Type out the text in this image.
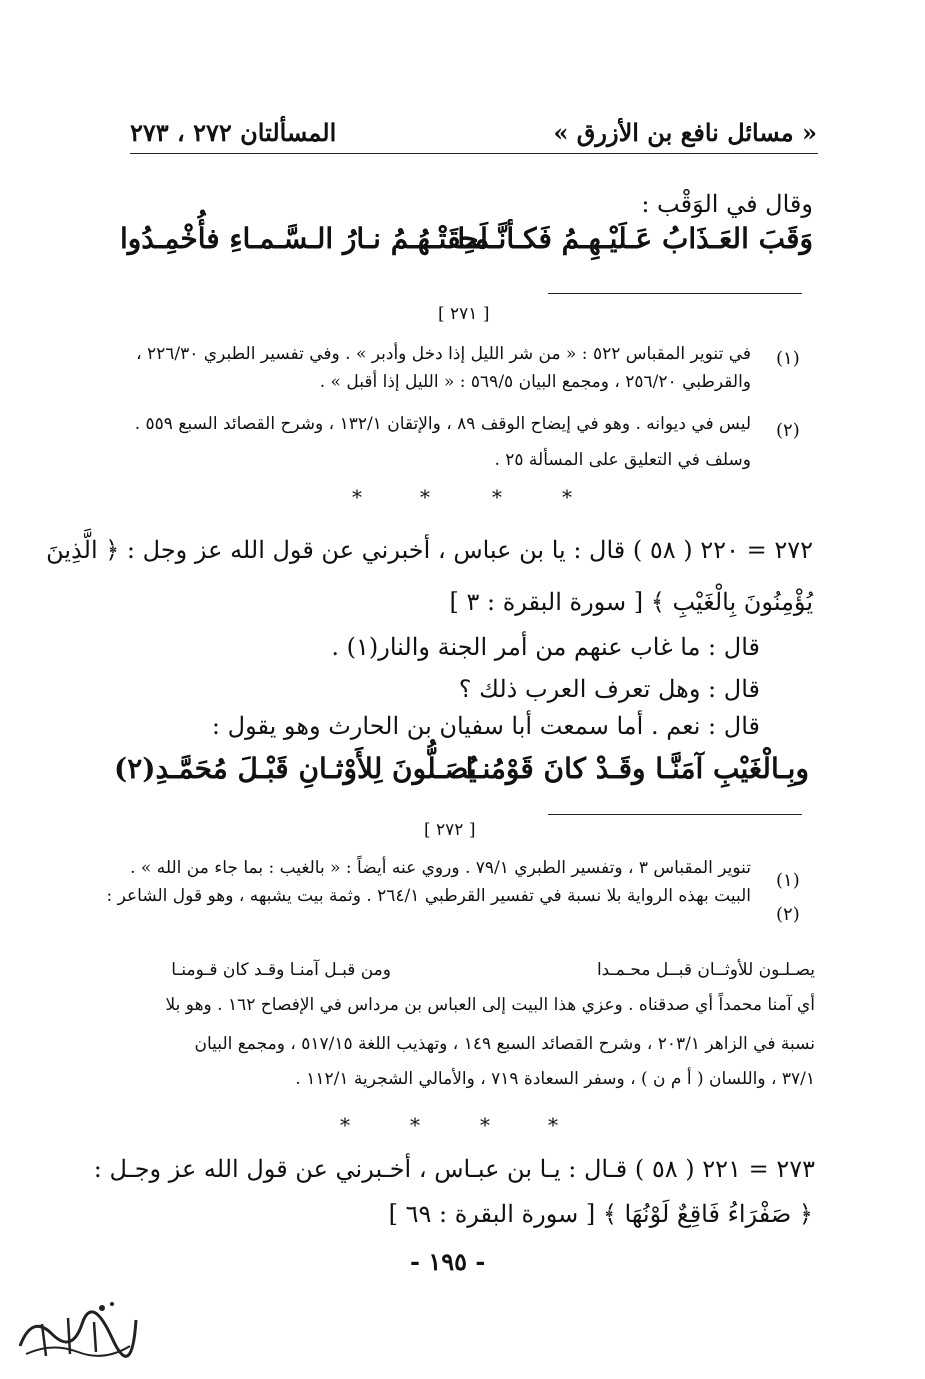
المسألتان ٢٧٢ ، ٢٧٣	« مسائل نافع بن الأزرق »
وقال في الوَقْب :
وَقَبَ العَـذَابُ عَـلَيْـهِـمُ فَكـأنَّـمـا
لَحِقَتْـهُـمُ نـارُ الـسَّـمـاءِ فأُخْمِـدُوا
[ ٢٧١ ]
(١)
في تنوير المقباس ٥٢٢ : « من شر الليل إذا دخل وأدبر » . وفي تفسير الطبري ٢٢٦/٣٠ ،
والقرطبي ٢٥٦/٢٠ ، ومجمع البيان ٥٦٩/٥ : « الليل إذا أقبل » .
(٢)
ليس في ديوانه . وهو في إيضاح الوقف ٨٩ ، والإتقان ١٣٢/١ ، وشرح القصائد السبع ٥٥٩ .
وسلف في التعليق على المسألة ٢٥ .
*	*	*	*
٢٧٢ = ٢٢٠ ( ٥٨ ) قال : يا بن عباس ، أخبرني عن قول الله عز وجل : ﴿ الَّذِينَ
يُؤْمِنُونَ بِالْغَيْبِ ﴾ [ سورة البقرة : ٣ ]
قال : ما غاب عنهم من أمر الجنة والنار(١) .
قال : وهل تعرف العرب ذلك ؟
قال : نعم . أما سمعت أبا سفيان بن الحارث وهو يقول :
وبِـالْغَيْبِ آمَنَّـا وقَـدْ كانَ قَوْمُنـا
يُصَـلُّونَ لِلأَوْثـانِ قَبْـلَ مُحَمَّـدِ(٢)
[ ٢٧٢ ]
(١)
تنوير المقباس ٣ ، وتفسير الطبري ٧٩/١ . وروي عنه أيضاً : « بالغيب : بما جاء من الله » .
(٢)
البيت بهذه الرواية بلا نسبة في تفسير القرطبي ٢٦٤/١ . وثمة بيت يشبهه ، وهو قول الشاعر :
ومن قبـل آمنـا وقـد كان قـومنـا	يصـلـون للأوثــان قبــل محـمـدا
أي آمنا محمداً أي صدقناه . وعزي هذا البيت إلى العباس بن مرداس في الإفصاح ١٦٢ . وهو بلا
نسبة في الزاهر ٢٠٣/١ ، وشرح القصائد السبع ١٤٩ ، وتهذيب اللغة ٥١٧/١٥ ، ومجمع البيان
٣٧/١ ، واللسان ( أ م ن ) ، وسفر السعادة ٧١٩ ، والأمالي الشجرية ١١٢/١ .
*	*	*	*
٢٧٣ = ٢٢١ ( ٥٨ ) قـال : يـا بن عبـاس ، أخـبرني عن قول الله عز وجـل :
﴿ صَفْرَاءُ فَاقِعٌ لَوْنُهَا ﴾ [ سورة البقرة : ٦٩ ]
- ١٩٥ -
